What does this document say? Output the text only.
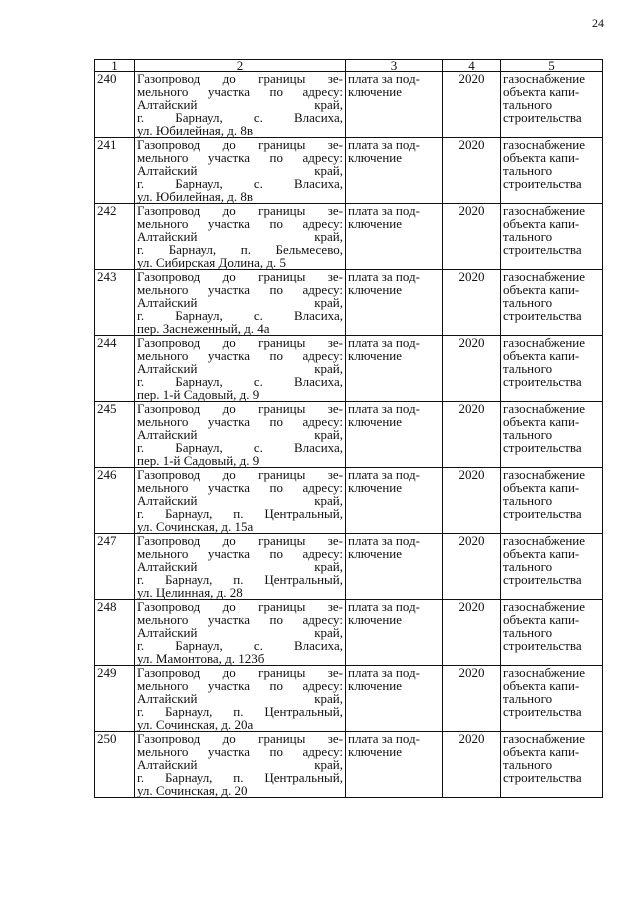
24
1	2	3	4	5
240	Газопровод до границы зе-
мельного участка по адресу:
Алтайский край,
г. Барнаул, с. Власиха,
ул. Юбилейная, д. 8в	плата за под-
ключение	2020	газоснабжение
объекта капи-
тального
строительства

241	Газопровод до границы зе-
мельного участка по адресу:
Алтайский край,
г. Барнаул, с. Власиха,
ул. Юбилейная, д. 8в	плата за под-
ключение	2020	газоснабжение
объекта капи-
тального
строительства

242	Газопровод до границы зе-
мельного участка по адресу:
Алтайский край,
г. Барнаул, п. Бельмесево,
ул. Сибирская Долина, д. 5	плата за под-
ключение	2020	газоснабжение
объекта капи-
тального
строительства

243	Газопровод до границы зе-
мельного участка по адресу:
Алтайский край,
г. Барнаул, с. Власиха,
пер. Заснеженный, д. 4а	плата за под-
ключение	2020	газоснабжение
объекта капи-
тального
строительства

244	Газопровод до границы зе-
мельного участка по адресу:
Алтайский край,
г. Барнаул, с. Власиха,
пер. 1-й Садовый, д. 9	плата за под-
ключение	2020	газоснабжение
объекта капи-
тального
строительства

245	Газопровод до границы зе-
мельного участка по адресу:
Алтайский край,
г. Барнаул, с. Власиха,
пер. 1-й Садовый, д. 9	плата за под-
ключение	2020	газоснабжение
объекта капи-
тального
строительства

246	Газопровод до границы зе-
мельного участка по адресу:
Алтайский край,
г. Барнаул, п. Центральный,
ул. Сочинская, д. 15а	плата за под-
ключение	2020	газоснабжение
объекта капи-
тального
строительства

247	Газопровод до границы зе-
мельного участка по адресу:
Алтайский край,
г. Барнаул, п. Центральный,
ул. Целинная, д. 28	плата за под-
ключение	2020	газоснабжение
объекта капи-
тального
строительства

248	Газопровод до границы зе-
мельного участка по адресу:
Алтайский край,
г. Барнаул, с. Власиха,
ул. Мамонтова, д. 123б	плата за под-
ключение	2020	газоснабжение
объекта капи-
тального
строительства

249	Газопровод до границы зе-
мельного участка по адресу:
Алтайский край,
г. Барнаул, п. Центральный,
ул. Сочинская, д. 20а	плата за под-
ключение	2020	газоснабжение
объекта капи-
тального
строительства

250	Газопровод до границы зе-
мельного участка по адресу:
Алтайский край,
г. Барнаул, п. Центральный,
ул. Сочинская, д. 20	плата за под-
ключение	2020	газоснабжение
объекта капи-
тального
строительства
